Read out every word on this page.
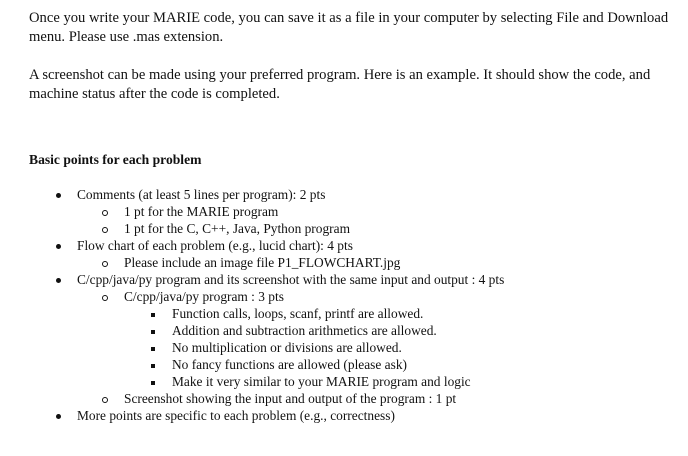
Once you write your MARIE code, you can save it as a file in your computer by selecting File and Download menu. Please use .mas extension.

A screenshot can be made using your preferred program. Here is an example. It should show the code, and machine status after the code is completed.

Basic points for each problem

Comments (at least 5 lines per program): 2 pts
1 pt for the MARIE program
1 pt for the C, C++, Java, Python program
Flow chart of each problem (e.g., lucid chart): 4 pts
Please include an image file P1_FLOWCHART.jpg
C/cpp/java/py program and its screenshot with the same input and output : 4 pts
C/cpp/java/py program : 3 pts
Function calls, loops, scanf, printf are allowed.
Addition and subtraction arithmetics are allowed.
No multiplication or divisions are allowed.
No fancy functions are allowed (please ask)
Make it very similar to your MARIE program and logic
Screenshot showing the input and output of the program : 1 pt
More points are specific to each problem (e.g., correctness)
